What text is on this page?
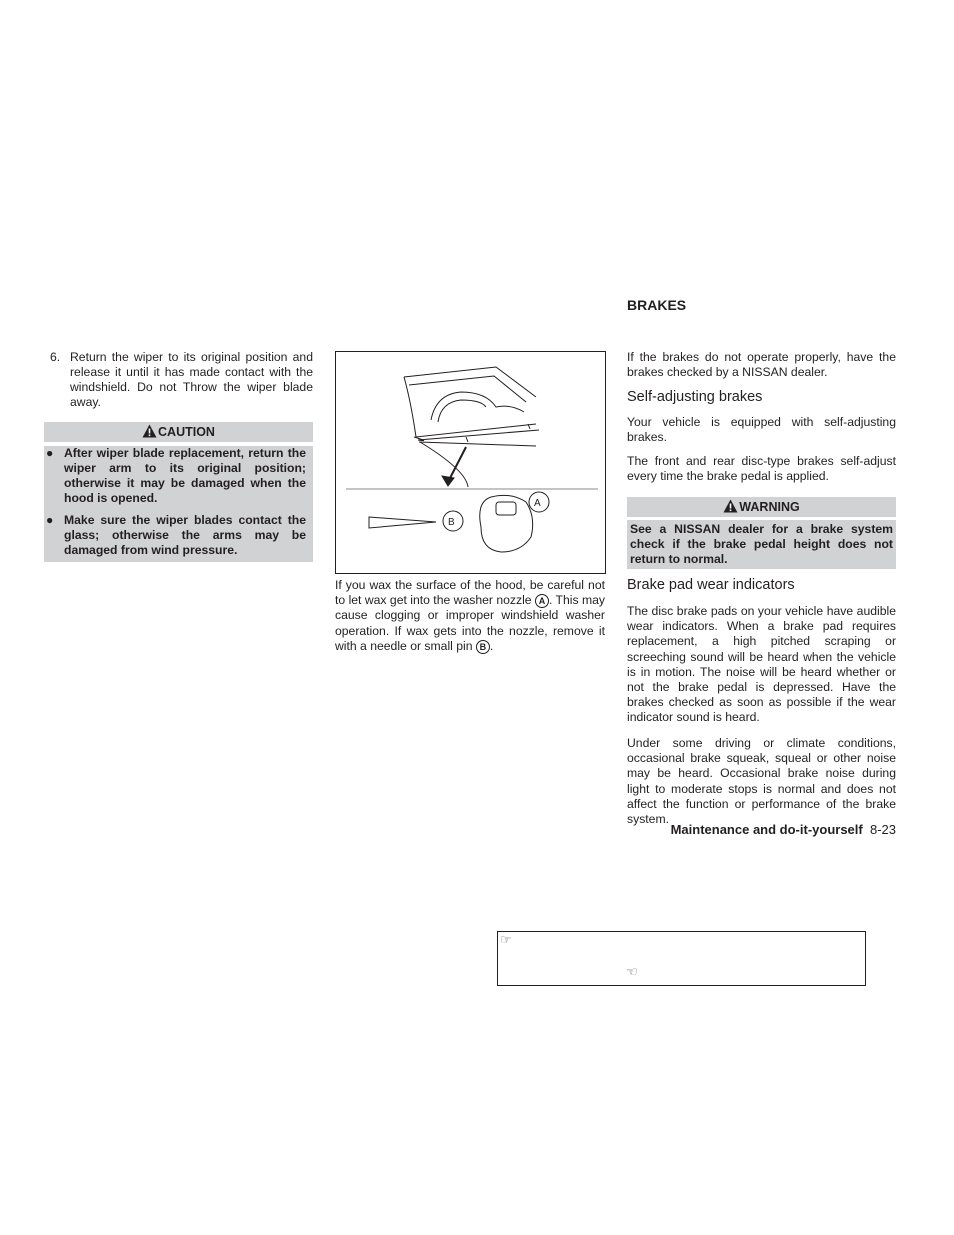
6. Return the wiper to its original position and release it until it has made contact with the windshield. Do not Throw the wiper blade away.
CAUTION
● After wiper blade replacement, return the wiper arm to its original position; otherwise it may be damaged when the hood is opened.
● Make sure the wiper blades contact the glass; otherwise the arms may be damaged from wind pressure.
B
A
If you wax the surface of the hood, be careful not to let wax get into the washer nozzle A . This may cause clogging or improper windshield washer operation. If wax gets into the nozzle, remove it with a needle or small pin B .
BRAKES
If the brakes do not operate properly, have the brakes checked by a NISSAN dealer.
Self-adjusting brakes
Your vehicle is equipped with self-adjusting brakes.
The front and rear disc-type brakes self-adjust every time the brake pedal is applied.
WARNING
See a NISSAN dealer for a brake system check if the brake pedal height does not return to normal.
Brake pad wear indicators
The disc brake pads on your vehicle have audible wear indicators. When a brake pad requires replacement, a high pitched scraping or screeching sound will be heard when the vehicle is in motion. The noise will be heard whether or not the brake pedal is depressed. Have the brakes checked as soon as possible if the wear indicator sound is heard.
Under some driving or climate conditions, occasional brake squeak, squeal or other noise may be heard. Occasional brake noise during light to moderate stops is normal and does not affect the function or performance of the brake system.
Maintenance and do-it-yourself 8-23
☞
☜
